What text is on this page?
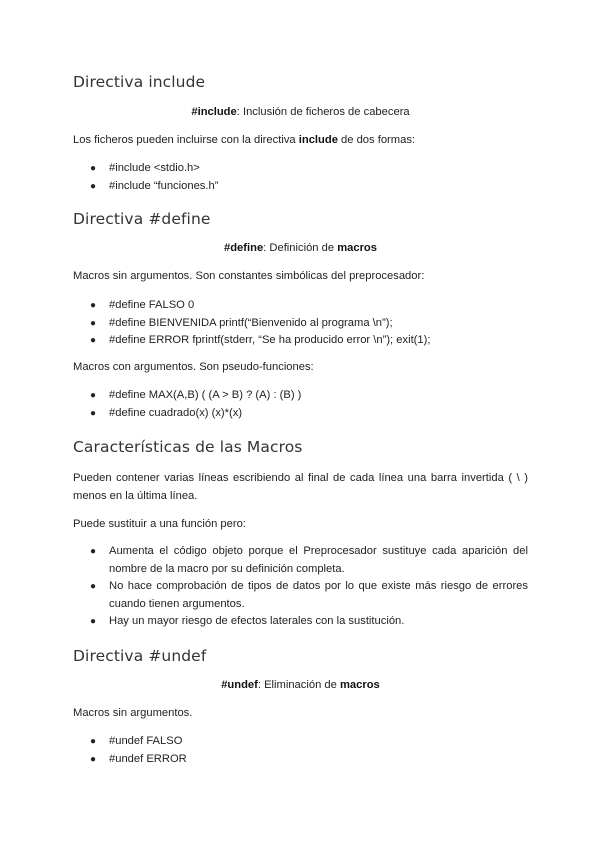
Directiva include
#include: Inclusión de ficheros de cabecera

Los ficheros pueden incluirse con la directiva include de dos formas:

● #include <stdio.h>
● #include “funciones.h”
Directiva #define
#define: Definición de macros

Macros sin argumentos. Son constantes simbólicas del preprocesador:

● #define FALSO 0
● #define BIENVENIDA printf(“Bienvenido al programa \n”);
● #define ERROR fprintf(stderr, “Se ha producido error \n”); exit(1);

Macros con argumentos. Son pseudo-funciones:

● #define MAX(A,B) ( (A > B) ? (A) : (B) )
● #define cuadrado(x) (x)*(x)
Características de las Macros

Pueden contener varias líneas escribiendo al final de cada línea una barra invertida ( \ ) menos en la última línea.

Puede sustituir a una función pero:

● Aumenta el código objeto porque el Preprocesador sustituye cada aparición del nombre de la macro por su definición completa.
● No hace comprobación de tipos de datos por lo que existe más riesgo de errores cuando tienen argumentos.
● Hay un mayor riesgo de efectos laterales con la sustitución.
Directiva #undef
#undef: Eliminación de macros

Macros sin argumentos.

● #undef FALSO
● #undef ERROR
